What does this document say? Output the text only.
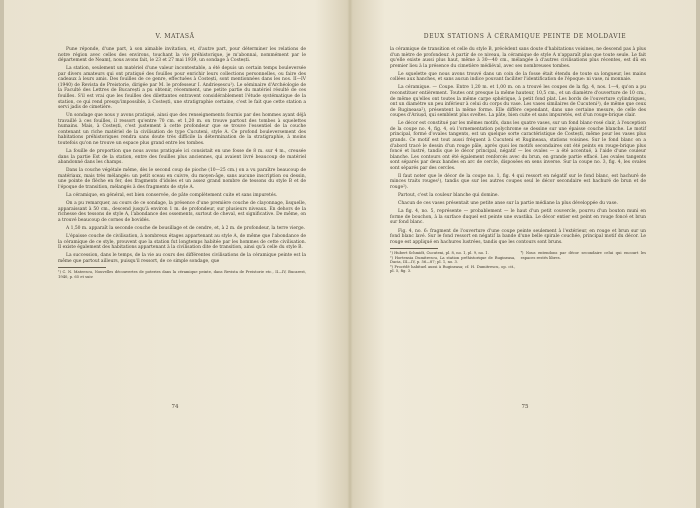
V. MATASĂ

Pune réponde, d'une part, à son aimable invitation, et, d'autre part, pour déterminer les relations de notre région avec celles des environs, touchant la vie préhistorique, je m'abonnai, nommément par le département de Neamț, nous avons fait, le 23 et 27 mai 1939, un sondage à Costești.

La station, seulement un matériel d'une valeur incontestable, a été depuis un certain temps bouleversée par divers amateurs qui ont pratiqué des fouilles pour enrichir leurs collections personnelles, ou faire des cadeaux à leurs amis. Des fouilles de ce genre, effectuées à Costești, sont mentionnées dans les nos. II—IV (1940) de Revista de Preistorie, dirigée par M. le professeur I. Andrieșescu¹). Le séminaire d'Archéologie de la Faculté des Lettres de Bucarești a pu obtenir, récemment, une petite partie du matériel résulté de ces fouilles. S'il est vrai que les fouilles des dilettantes entravent considérablement l'étude systématique de la station, ce qui rend presqu'impossible, à Costești, une stratigraphie certaine, c'est le fait que cette station a servi jadis de cimetière.

Un sondage que nous y avons pratiqué, ainsi que des renseignements fournis par des hommes ayant déjà travaillé à ces fouilles, il ressort qu'entre 70 cm. et 1,20 m. on trouve partout des tombes à squelettes humains. Mais, à Costești, c'est justement à cette profondeur que se trouve l'essentiel de la couche contenant un riche matériel de la civilisation de type Cucuteni, style A. Ce profond bouleversement des habitations préhistoriques rendra sans doute très difficile la détermination de la stratigraphie, à moins toutefois qu'on ne trouve un espace plus grand entre les tombes.

La fouille de proportion que nous avons pratiquée ici consistait en une fosse de 8 m. sur 4 m., creusée dans la partie Est de la station, entre des fouilles plus anciennes, qui avaient livré beaucoup de matériel abandonné dans les champs.

Dans la couche végétale même, dès le second coup de pioche (10—25 cm.) on a vu paraître beaucoup de matériaux, mais très mélangés: un petit sceau en cuivre, du moyen-âge, sans aucune inscription ou dessin, une pointe de flèche en fer, des fragments d'idoles et un assez grand nombre de tessons du style B et de l'époque de transition, mélangés à des fragments de style A.

La céramique, en général, est bien conservée, de pâte complètement cuite et sans impuretés.

On a pu remarquer, au cours de ce sondage, la présence d'une première couche de clayonnage, lisquelle, apparaissant à 50 cm., descend jusqu'à environ 1 m. de profondeur, sur plusieurs niveaux. En dehors de la richesse des tessons de style A, l'abondance des ossements, surtout de cheval, est significative. De même, on a trouvé beaucoup de cornes de bovidés.

A 1,50 m. apparaît la seconde couche de bousillage et de cendre, et, à 2 m. de profondeur, la terre vierge.

L'épaisse couche de civilisation, à nombreux étages appartenant au style A, de même que l'abondance de la céramique de ce style, prouvent que la station fut longtemps habitée par les hommes de cette civilisation. Il existe également des habitations appartenant à la civilisation dite de transition, ainsi qu'à celle du style B.

La succession, dans le temps, de la vie au cours des différentes civilisations de la céramique peinte est la même que partout ailleurs, puisqu'il ressort, de ce simple sondage, que

¹) C. N. Mateescu, Nouvelles découvertes de poteries dans la céramique peinte, dans Revista de Preistorie etc., II—IV, Bucarest, 1940, p. 65 et suiv.

74
DEUX STATIONS À CÉRAMIQUE PEINTE DE MOLDAVIE

la céramique de transition et celle du style B, précèdent sans doute d'habitations voisines, ne descend pas à plus d'un mètre de profondeur. A partir de ce niveau, la céramique de style A n'apparaît plus que toute seule. Le fait qu'elle existe aussi plus haut, même à 30—40 cm., mélangée à d'autres civilisations plus récentes, est dû en premier lieu à la présence du cimetière médiéval, avec ses nombreuses tombes.

Le squelette que nous avons trouvé dans un coin de la fosse était étendu de toute sa longueur, les mains collées aux hanches, et sans aucun indice pouvant faciliter l'identification de l'époque: ni vase, ni monnaie.

La céramique. — Coupe. Entre 1,20 m. et 1,00 m. on a trouvé les coupes de la fig. 4, nos. 1—4, qu'on a pu reconstituer entièrement. Toutes ont presque la même hauteur, 10,5 cm., et un diamètre d'ouverture de 10 cm., de même qu'elles ont toutes la même carpe sphérique, à petit fond plat. Les bords de l'ouverture cylindriques, ont un diamètre un peu inférieur à celui du corps du vase. Les vases similaires de Cucuteni¹), de même que ceux de Rugineasa²), présentent la même forme. Elle diffère cependant, dans une certaine mesure, de celle des coupes d'Ariușd, qui semblent plus sveltes. La pâte, bien cuite et sans impuretés, est d'un rouge-brique clair.

Le décor est constitué par les mêmes motifs, dans les quatre vases, sur un fond blanc-rosé clair, à l'exception de la coupe no. 4, fig. 4, où l'ornementation polychrome se dessine sur une épaisse couche blanche. Le motif principal, formé d'ovales tangents, est un quelque sorte caractéristique de Costești, même pour les vases plus grands. Ce motif est tout aussi fréquent à Cucuteni et Rugineasa, stations voisines. Sur le fond blanc on a d'abord tracé le dessin d'un rouge pâle, après quoi les motifs secondaires ont été peints en rouge-brique plus foncé et lustré, tandis que le décor principal, négatif — les ovales — a été accentué, à l'aide d'une couleur blanche. Les contours ont été également renforcés avec du brun, en grande partie effacé. Les ovales tangents sont séparés par deux bandes en arc de cercle, disposées en sens inverse. Sur la coupe no. 3, fig. 4, les ovales sont séparés par des cercles.

Il faut noter que le décor de la coupe no. 1, fig. 4 qui ressort en négatif sur le fond blanc, est hachuré de minces traits rouges¹), tandis que sur les autres coupes seul le décor secondaire est hachuré de brun et de rouge²).

Partout, c'est la couleur blanche qui domine.

Chacun de ces vases présentait une petite anse sur la partie médiane la plus développée du vase.

La fig. 4, no. 5, représente — probablement — le haut d'un petit couvercle, pourvu d'un bouton muni en forme de bouchon, à la surface duquel est peinte une svastika. Le décor entier est peint en rouge foncé et brun sur fond blanc.

Fig. 4, no. 6: fragment de l'ouverture d'une coupe peinte seulement à l'extérieur, en rouge et brun sur un fond blanc lavé. Sur le fond ressort en négatif la bande d'une belle spirale couchée, principal motif du décor. Le rouge est appliqué en hachures lustrées, tandis que les contours sont bruns.

¹) Hubert Schmidt, Cucuteni, pl. 8, no. 1, pl. 9, no. 1.

²) Hortensia Dumitrescu, La station préhistorique de Rugineasa, Dacia, III—IV, p. 56—87; pl. 1, no. 3.

³) Procédé habituel aussi à Rugineasa; cf. H. Dumitrescu, op. cit., pl. 5, fig. 3.

⁴) Nous entendons par décor secondaire celui qui encourt les espaces restés libres.

75
